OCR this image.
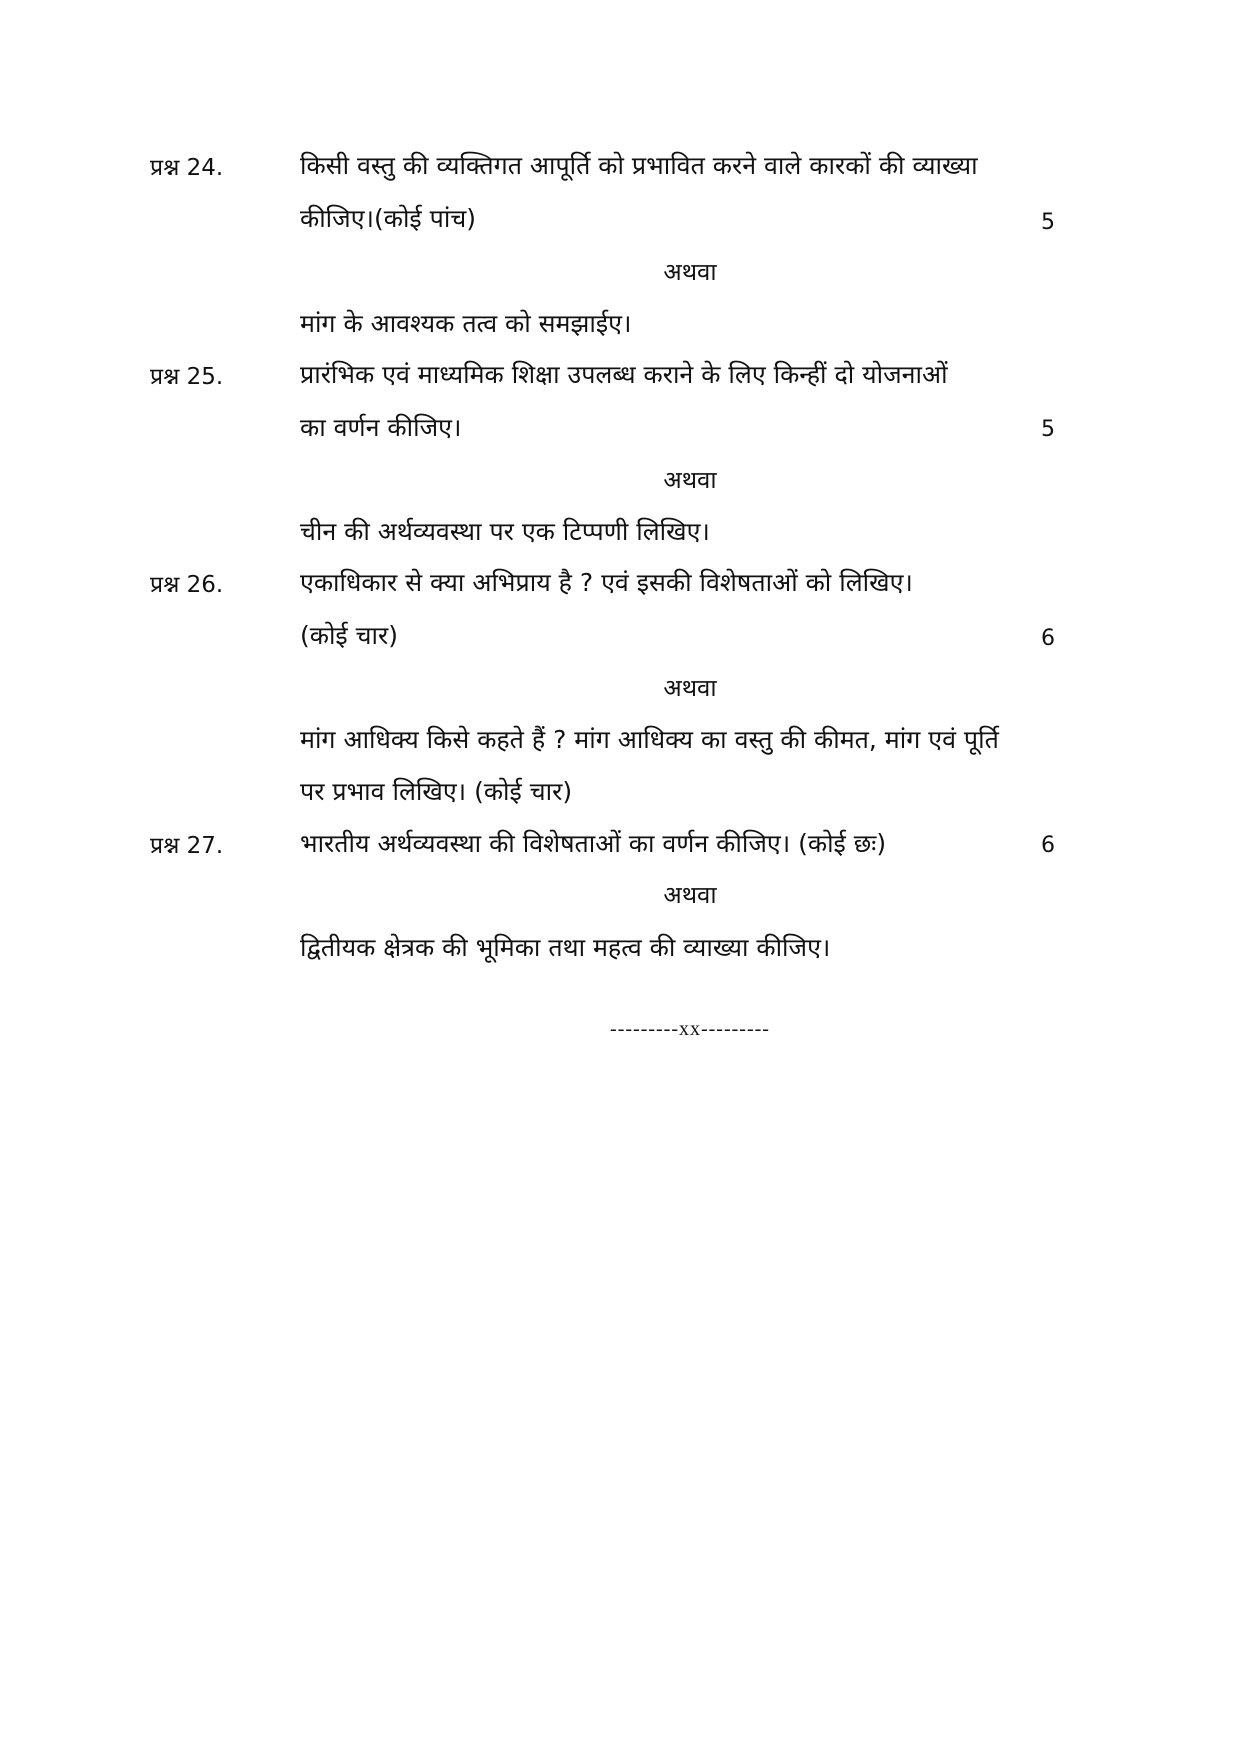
प्रश्न 24.	किसी वस्तु की व्यक्तिगत आपूर्ति को प्रभावित करने वाले कारकों की व्याख्या
कीजिए।(कोई पांच)	5
अथवा
मांग के आवश्यक तत्व को समझाईए।
प्रश्न 25.	प्रारंभिक एवं माध्यमिक शिक्षा उपलब्ध कराने के लिए किन्हीं दो योजनाओं
का वर्णन कीजिए।	5
अथवा
चीन की अर्थव्यवस्था पर एक टिप्पणी लिखिए।
प्रश्न 26.	एकाधिकार से क्या अभिप्राय है ? एवं इसकी विशेषताओं को लिखिए।
(कोई चार)	6
अथवा
मांग आधिक्य किसे कहते हैं ? मांग आधिक्य का वस्तु की कीमत, मांग एवं पूर्ति
पर प्रभाव लिखिए। (कोई चार)
प्रश्न 27.	भारतीय अर्थव्यवस्था की विशेषताओं का वर्णन कीजिए। (कोई छः)	6
अथवा
द्वितीयक क्षेत्रक की भूमिका तथा महत्व की व्याख्या कीजिए।
---------xx---------
